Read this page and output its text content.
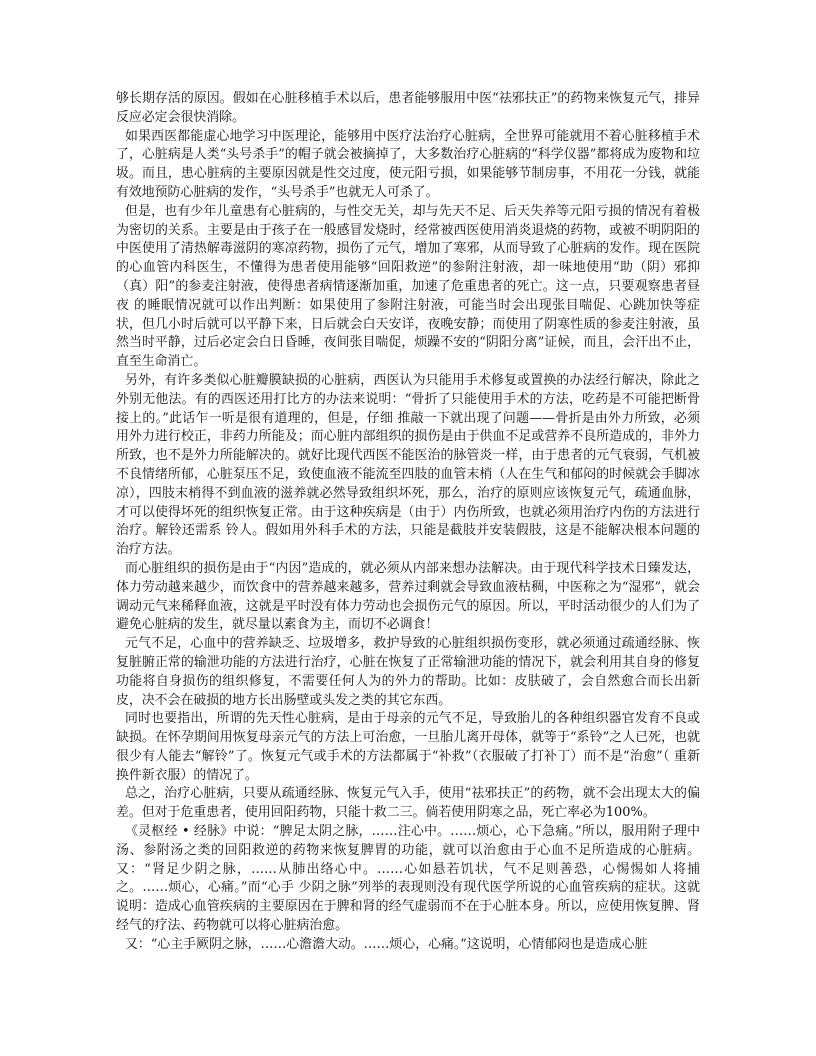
够长期存活的原因。假如在心脏移植手术以后，患者能够服用中医“祛邪扶正”的药物来恢复元气，排异反应必定会很快消除。

如果西医都能虚心地学习中医理论，能够用中医疗法治疗心脏病，全世界可能就用不着心脏移植手术了，心脏病是人类“头号杀手”的帽子就会被摘掉了，大多数治疗心脏病的“科学仪器”都将成为废物和垃圾。而且，患心脏病的主要原因就是性交过度，使元阳亏损，如果能够节制房事，不用花一分钱，就能 有效地预防心脏病的发作，“头号杀手”也就无人可杀了。

但是，也有少年儿童患有心脏病的，与性交无关，却与先天不足、后天失养等元阳亏损的情况有着极为密切的关系。主要是由于孩子在一般感冒发烧时，经常被西医使用消炎退烧的药物，或被不明阴阳的中医使用了清热解毒滋阴的寒凉药物，损伤了元气，增加了寒邪，从而导致了心脏病的发作。现在医院的心血管内科医生，不懂得为患者使用能够“回阳救逆”的参附注射液，却一味地使用“助（阴）邪抑（真）阳”的参麦注射液，使得患者病情逐渐加重，加速了危重患者的死亡。这一点，只要观察患者昼夜 的睡眠情况就可以作出判断：如果使用了参附注射液，可能当时会出现张目喘促、心跳加快等症状，但几小时后就可以平静下来，日后就会白天安详，夜晚安静；而使用了阴寒性质的参麦注射液，虽然当时平静，过后必定会白日昏睡，夜间张目喘促，烦躁不安的“阴阳分离”证候，而且，会汗出不止，直至生命消亡。

另外，有许多类似心脏瓣膜缺损的心脏病，西医认为只能用手术修复或置换的办法经行解决，除此之外别无他法。有的西医还用打比方的办法来说明：“骨折了只能使用手术的方法，吃药是不可能把断骨接上的。”此话乍一听是很有道理的，但是，仔细 推敲一下就出现了问题——骨折是由外力所致，必须用外力进行校正，非药力所能及；而心脏内部组织的损伤是由于供血不足或营养不良所造成的，非外力所致，也不是外力所能解决的。就好比现代西医不能医治的脉管炎一样，由于患者的元气衰弱，气机被不良情绪所郁，心脏泵压不足，致使血液不能流至四肢的血管末梢（人在生气和郁闷的时候就会手脚冰凉），四肢末梢得不到血液的滋养就必然导致组织坏死，那么，治疗的原则应该恢复元气，疏通血脉，才可以使得坏死的组织恢复正常。由于这种疾病是（由于）内伤所致，也就必须用治疗内伤的方法进行治疗。解铃还需系 铃人。假如用外科手术的方法，只能是截肢并安装假肢，这是不能解决根本问题的治疗方法。

而心脏组织的损伤是由于“内因”造成的，就必须从内部来想办法解决。由于现代科学技术日臻发达，体力劳动越来越少，而饮食中的营养越来越多，营养过剩就会导致血液枯稠，中医称之为“湿邪”，就会调动元气来稀释血液，这就是平时没有体力劳动也会损伤元气的原因。所以，平时活动很少的人们为了避免心脏病的发生，就尽量以素食为主，而切不必调食！

元气不足，心血中的营养缺乏、垃圾增多，救护导致的心脏组织损伤变形，就必须通过疏通经脉、恢 复脏腑正常的输泄功能的方法进行治疗，心脏在恢复了正常输泄功能的情况下，就会利用其自身的修复功能将自身损伤的组织修复，不需要任何人为的外力的帮助。比如：皮肤破了，会自然愈合而长出新皮，决不会在破损的地方长出肠壁或头发之类的其它东西。

同时也要指出，所谓的先天性心脏病，是由于母亲的元气不足，导致胎儿的各种组织器官发育不良或缺损。在怀孕期间用恢复母亲元气的方法上可治愈，一旦胎儿离开母体，就等于“系铃”之人已死，也就很少有人能去“解铃”了。恢复元气或手术的方法都属于“补救”（衣服破了打补丁）而不是“治愈”（ 重新换件新衣服）的情况了。

总之，治疗心脏病，只要从疏通经脉、恢复元气入手，使用“祛邪扶正”的药物，就不会出现太大的偏差。但对于危重患者，使用回阳药物，只能十救二三。倘若使用阴寒之品，死亡率必为100%。

《灵枢经 • 经脉》中说：“脾足太阴之脉，……注心中。……烦心，心下急痛。”所以，服用附子理中汤、参附汤之类的回阳救逆的药物来恢复脾胃的功能，就可以治愈由于心血不足所造成的心脏病。又：“肾足少阴之脉，……从肺出络心中。……心如悬若饥状，气不足则善恐，心惕惕如人将捕之。……烦心，心痛。”而“心手 少阴之脉”列举的表现则没有现代医学所说的心血管疾病的症状。这就说明：造成心血管疾病的主要原因在于脾和肾的经气虚弱而不在于心脏本身。所以，应使用恢复脾、肾经气的疗法、药物就可以将心脏病治愈。

又：“心主手厥阴之脉，……心澹澹大动。……烦心，心痛。”这说明，心情郁闷也是造成心脏
